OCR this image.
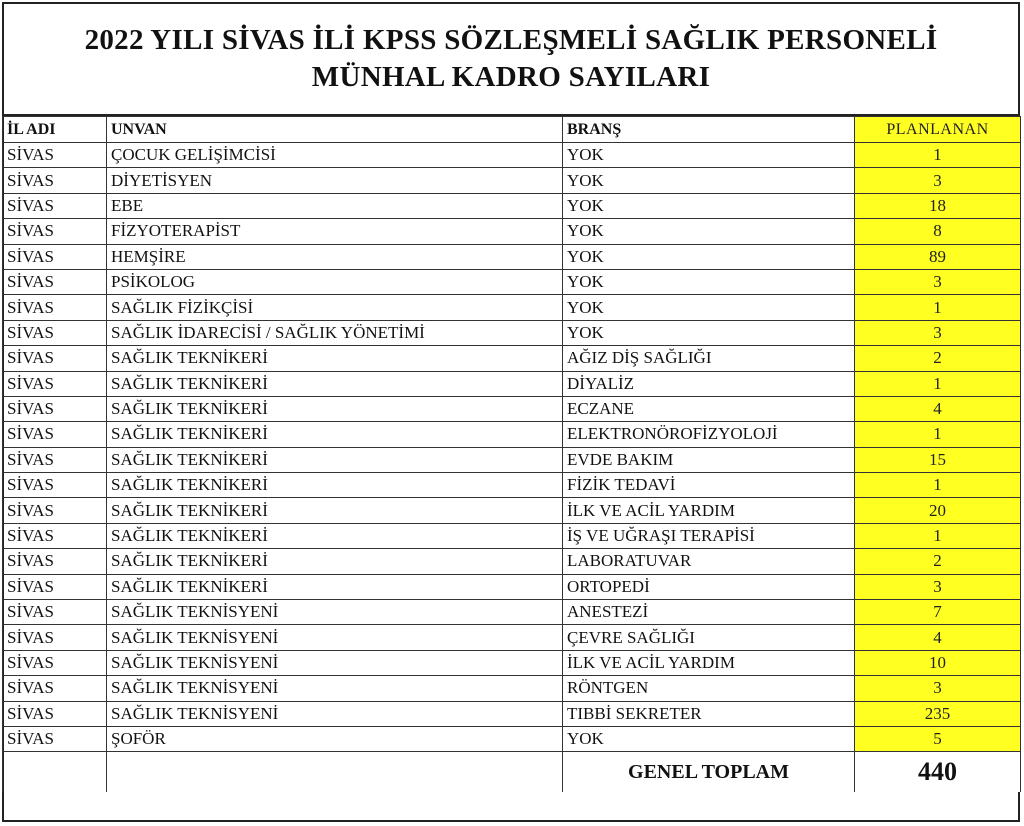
2022 YILI SİVAS İLİ KPSS SÖZLEŞMELİ SAĞLIK PERSONELİ
MÜNHAL KADRO SAYILARI
İL ADI	UNVAN	BRANŞ	PLANLANAN
SİVAS	ÇOCUK GELİŞİMCİSİ	YOK	1
SİVAS	DİYETİSYEN	YOK	3
SİVAS	EBE	YOK	18
SİVAS	FİZYOTERAPİST	YOK	8
SİVAS	HEMŞİRE	YOK	89
SİVAS	PSİKOLOG	YOK	3
SİVAS	SAĞLIK FİZİKÇİSİ	YOK	1
SİVAS	SAĞLIK İDARECİSİ / SAĞLIK YÖNETİMİ	YOK	3
SİVAS	SAĞLIK TEKNİKERİ	AĞIZ DİŞ SAĞLIĞI	2
SİVAS	SAĞLIK TEKNİKERİ	DİYALİZ	1
SİVAS	SAĞLIK TEKNİKERİ	ECZANE	4
SİVAS	SAĞLIK TEKNİKERİ	ELEKTRONÖROFİZYOLOJİ	1
SİVAS	SAĞLIK TEKNİKERİ	EVDE BAKIM	15
SİVAS	SAĞLIK TEKNİKERİ	FİZİK TEDAVİ	1
SİVAS	SAĞLIK TEKNİKERİ	İLK VE ACİL YARDIM	20
SİVAS	SAĞLIK TEKNİKERİ	İŞ VE UĞRAŞI TERAPİSİ	1
SİVAS	SAĞLIK TEKNİKERİ	LABORATUVAR	2
SİVAS	SAĞLIK TEKNİKERİ	ORTOPEDİ	3
SİVAS	SAĞLIK TEKNİSYENİ	ANESTEZİ	7
SİVAS	SAĞLIK TEKNİSYENİ	ÇEVRE SAĞLIĞI	4
SİVAS	SAĞLIK TEKNİSYENİ	İLK VE ACİL YARDIM	10
SİVAS	SAĞLIK TEKNİSYENİ	RÖNTGEN	3
SİVAS	SAĞLIK TEKNİSYENİ	TIBBİ SEKRETER	235
SİVAS	ŞOFÖR	YOK	5
		GENEL TOPLAM	440
